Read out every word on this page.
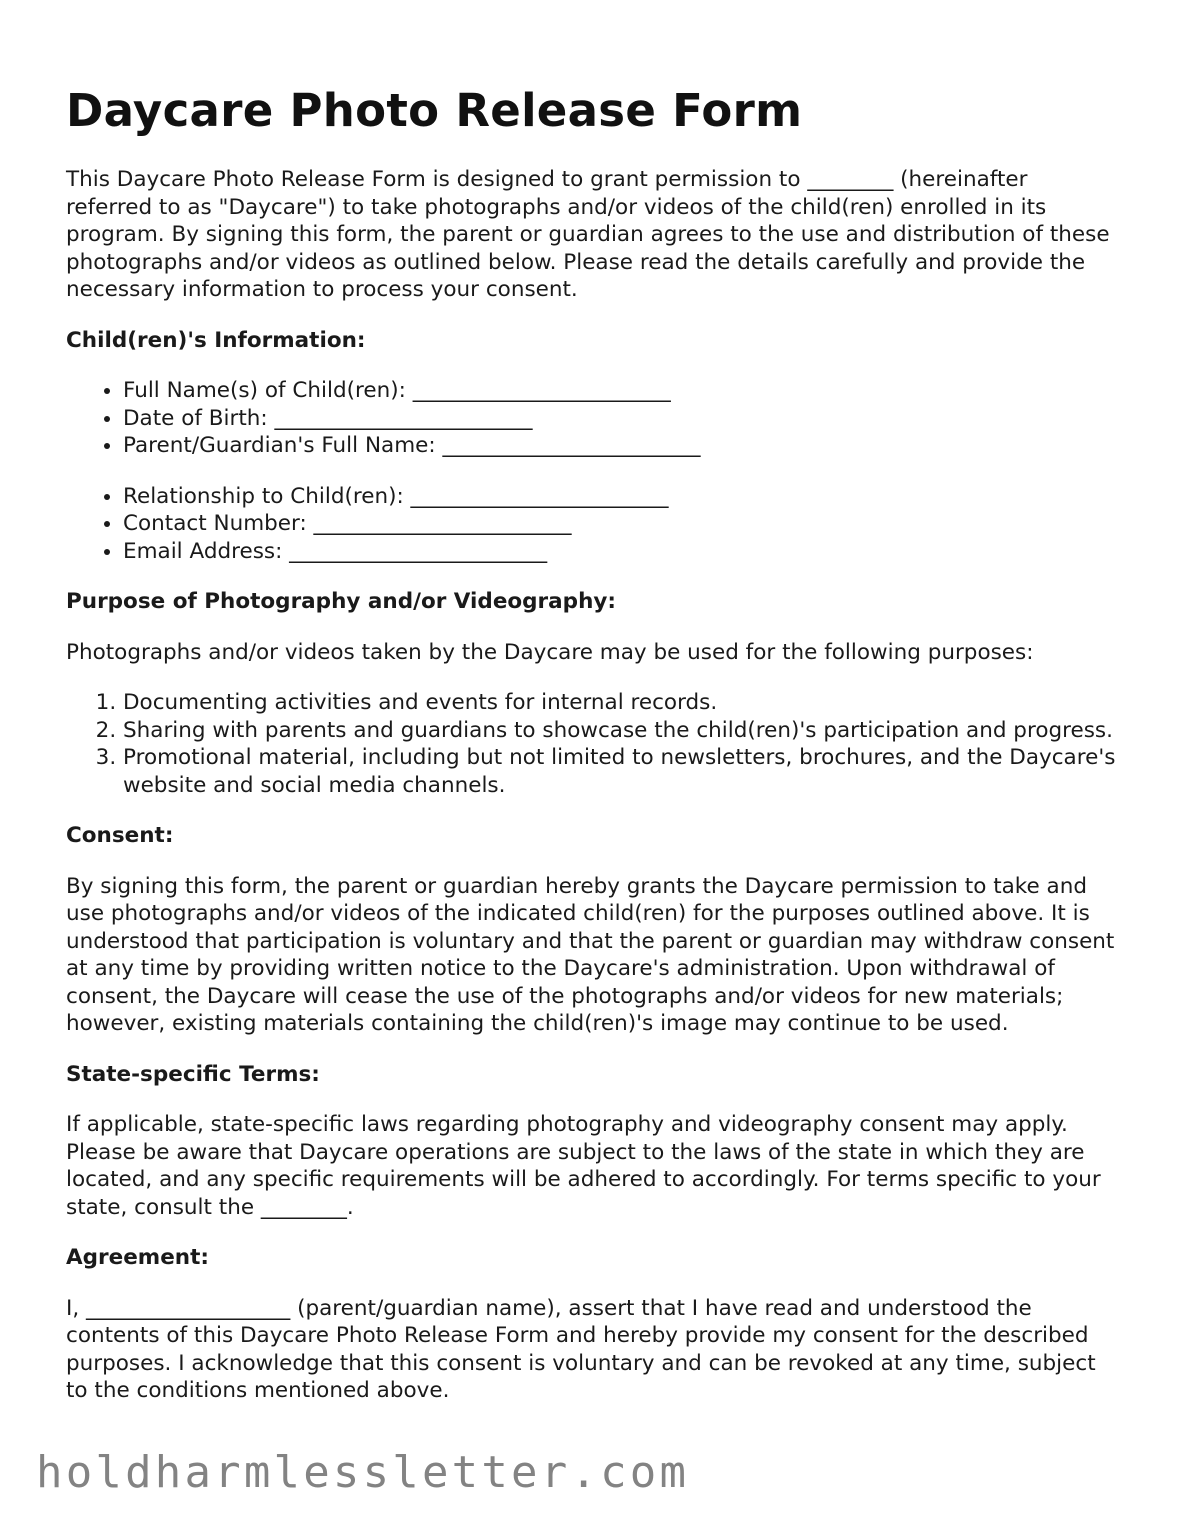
Daycare Photo Release Form

This Daycare Photo Release Form is designed to grant permission to ________ (hereinafter referred to as "Daycare") to take photographs and/or videos of the child(ren) enrolled in its program. By signing this form, the parent or guardian agrees to the use and distribution of these photographs and/or videos as outlined below. Please read the details carefully and provide the necessary information to process your consent.

Child(ren)'s Information:
• Full Name(s) of Child(ren): ________________________
• Date of Birth: ________________________
• Parent/Guardian's Full Name: ________________________
• Relationship to Child(ren): ________________________
• Contact Number: ________________________
• Email Address: ________________________
Purpose of Photography and/or Videography:

Photographs and/or videos taken by the Daycare may be used for the following purposes:

1. Documenting activities and events for internal records.
2. Sharing with parents and guardians to showcase the child(ren)'s participation and progress.
3. Promotional material, including but not limited to newsletters, brochures, and the Daycare's website and social media channels.
Consent:

By signing this form, the parent or guardian hereby grants the Daycare permission to take and use photographs and/or videos of the indicated child(ren) for the purposes outlined above. It is understood that participation is voluntary and that the parent or guardian may withdraw consent at any time by providing written notice to the Daycare's administration. Upon withdrawal of consent, the Daycare will cease the use of the photographs and/or videos for new materials; however, existing materials containing the child(ren)'s image may continue to be used.

State-specific Terms:

If applicable, state-specific laws regarding photography and videography consent may apply. Please be aware that Daycare operations are subject to the laws of the state in which they are located, and any specific requirements will be adhered to accordingly. For terms specific to your state, consult the ________.

Agreement:

I, ___________________ (parent/guardian name), assert that I have read and understood the contents of this Daycare Photo Release Form and hereby provide my consent for the described purposes. I acknowledge that this consent is voluntary and can be revoked at any time, subject to the conditions mentioned above.

holdharmlessletter.com
